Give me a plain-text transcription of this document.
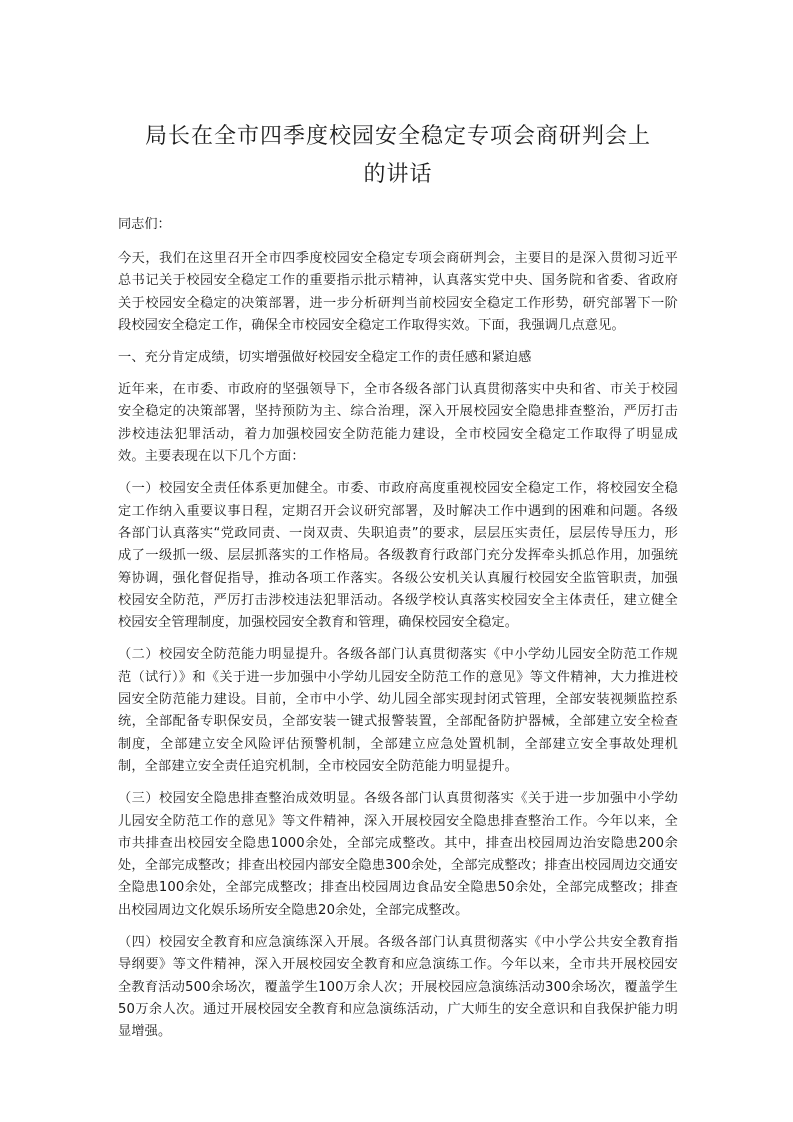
局长在全市四季度校园安全稳定专项会商研判会上
的讲话

同志们：

今天，我们在这里召开全市四季度校园安全稳定专项会商研判会，主要目的是深入贯彻习近平总书记关于校园安全稳定工作的重要指示批示精神，认真落实党中央、国务院和省委、省政府关于校园安全稳定的决策部署，进一步分析研判当前校园安全稳定工作形势，研究部署下一阶段校园安全稳定工作，确保全市校园安全稳定工作取得实效。下面，我强调几点意见。

一、充分肯定成绩，切实增强做好校园安全稳定工作的责任感和紧迫感

近年来，在市委、市政府的坚强领导下，全市各级各部门认真贯彻落实中央和省、市关于校园安全稳定的决策部署，坚持预防为主、综合治理，深入开展校园安全隐患排查整治，严厉打击涉校违法犯罪活动，着力加强校园安全防范能力建设，全市校园安全稳定工作取得了明显成效。主要表现在以下几个方面：

（一）校园安全责任体系更加健全。市委、市政府高度重视校园安全稳定工作，将校园安全稳定工作纳入重要议事日程，定期召开会议研究部署，及时解决工作中遇到的困难和问题。各级各部门认真落实“党政同责、一岗双责、失职追责”的要求，层层压实责任，层层传导压力，形成了一级抓一级、层层抓落实的工作格局。各级教育行政部门充分发挥牵头抓总作用，加强统筹协调，强化督促指导，推动各项工作落实。各级公安机关认真履行校园安全监管职责，加强校园安全防范，严厉打击涉校违法犯罪活动。各级学校认真落实校园安全主体责任，建立健全校园安全管理制度，加强校园安全教育和管理，确保校园安全稳定。

（二）校园安全防范能力明显提升。各级各部门认真贯彻落实《中小学幼儿园安全防范工作规范（试行）》和《关于进一步加强中小学幼儿园安全防范工作的意见》等文件精神，大力推进校园安全防范能力建设。目前，全市中小学、幼儿园全部实现封闭式管理，全部安装视频监控系统，全部配备专职保安员，全部安装一键式报警装置，全部配备防护器械，全部建立安全检查制度，全部建立安全风险评估预警机制，全部建立应急处置机制，全部建立安全事故处理机制，全部建立安全责任追究机制，全市校园安全防范能力明显提升。

（三）校园安全隐患排查整治成效明显。各级各部门认真贯彻落实《关于进一步加强中小学幼儿园安全防范工作的意见》等文件精神，深入开展校园安全隐患排查整治工作。今年以来，全市共排查出校园安全隐患1000余处，全部完成整改。其中，排查出校园周边治安隐患200余处，全部完成整改；排查出校园内部安全隐患300余处，全部完成整改；排查出校园周边交通安全隐患100余处，全部完成整改；排查出校园周边食品安全隐患50余处，全部完成整改；排查出校园周边文化娱乐场所安全隐患20余处，全部完成整改。

（四）校园安全教育和应急演练深入开展。各级各部门认真贯彻落实《中小学公共安全教育指导纲要》等文件精神，深入开展校园安全教育和应急演练工作。今年以来，全市共开展校园安全教育活动500余场次，覆盖学生100万余人次；开展校园应急演练活动300余场次，覆盖学生50万余人次。通过开展校园安全教育和应急演练活动，广大师生的安全意识和自我保护能力明显增强。
